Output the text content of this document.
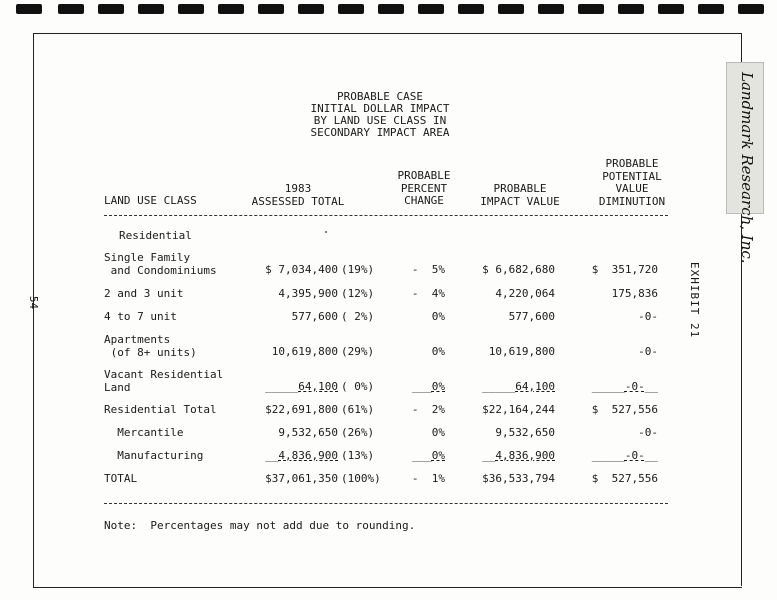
Landmark Research, Inc.
EXHIBIT 21
54
PROBABLE CASE
INITIAL DOLLAR IMPACT
BY LAND USE CLASS IN
SECONDARY IMPACT AREA
LAND USE CLASS
1983
ASSESSED TOTAL
PROBABLE
PERCENT
CHANGE
PROBABLE
IMPACT VALUE
PROBABLE
POTENTIAL
VALUE
DIMINUTION
Residential
Single Family
and Condominiums	$ 7,034,400 (19%)	-  5%	$ 6,682,680	$  351,720
2 and 3 unit	4,395,900 (12%)	-  4%	4,220,064	175,836
4 to 7 unit	577,600 ( 2%)	0%	577,600	-0-
Apartments
(of 8+ units)	10,619,800 (29%)	0%	10,619,800	-0-
Vacant Residential
Land	_____64,100 ( 0%)	___0%	_____64,100	_____-0-__
Residential Total	$22,691,800 (61%)	-  2%	$22,164,244	$  527,556
Mercantile	9,532,650 (26%)	0%	9,532,650	-0-
Manufacturing	__4,836,900 (13%)	___0%	__4,836,900	_____-0-__
TOTAL	$37,061,350 (100%)	-  1%	$36,533,794	$  527,556
Note:  Percentages may not add due to rounding.
